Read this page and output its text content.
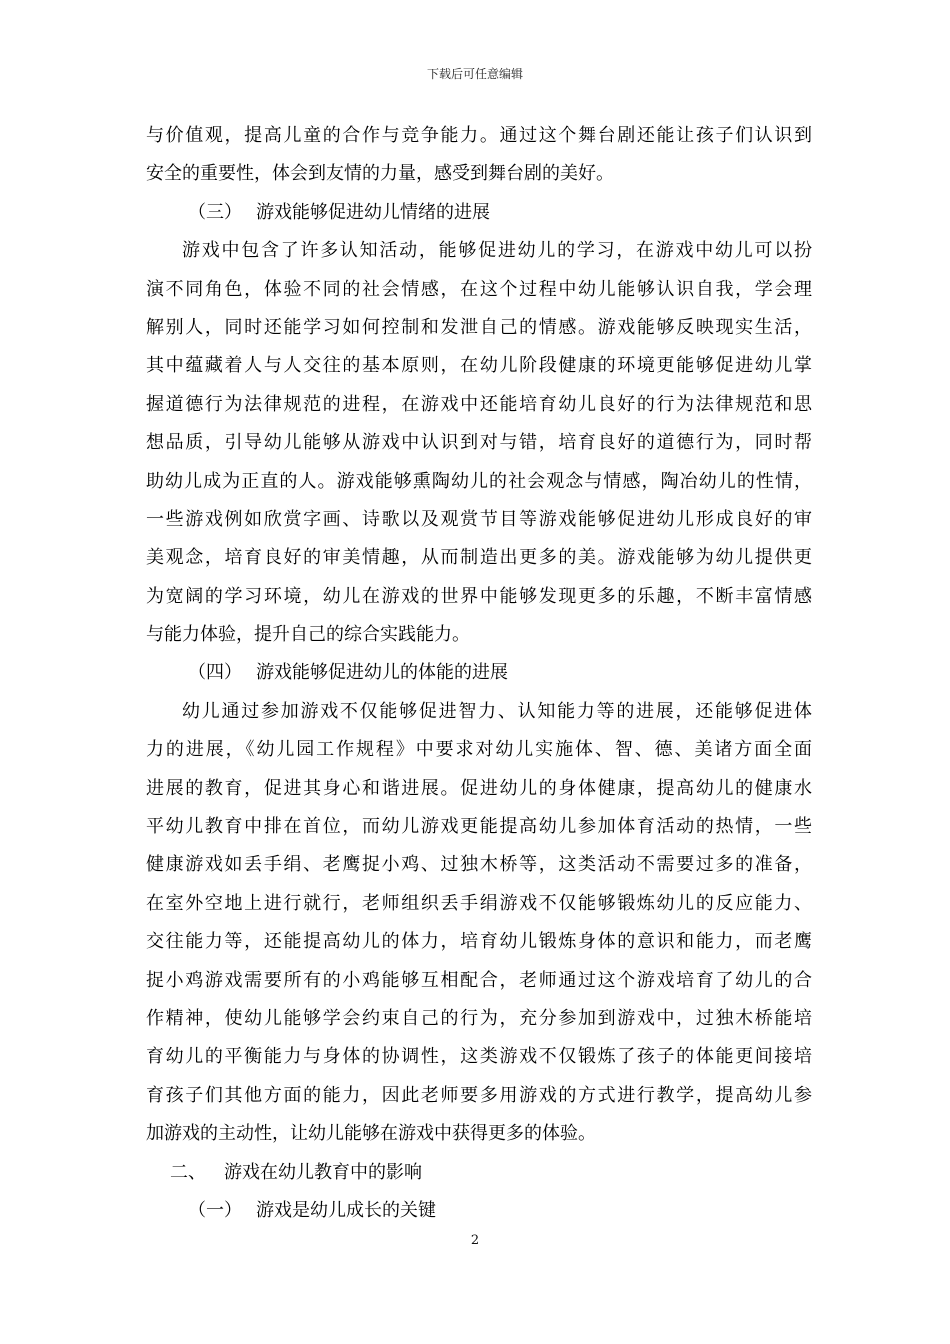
下载后可任意编辑
与价值观，提高儿童的合作与竞争能力。通过这个舞台剧还能让孩子们认识到
安全的重要性，体会到友情的力量，感受到舞台剧的美好。
（三） 游戏能够促进幼儿情绪的进展
游戏中包含了许多认知活动，能够促进幼儿的学习，在游戏中幼儿可以扮
演不同角色，体验不同的社会情感，在这个过程中幼儿能够认识自我，学会理
解别人，同时还能学习如何控制和发泄自己的情感。游戏能够反映现实生活，
其中蕴藏着人与人交往的基本原则，在幼儿阶段健康的环境更能够促进幼儿掌
握道德行为法律规范的进程，在游戏中还能培育幼儿良好的行为法律规范和思
想品质，引导幼儿能够从游戏中认识到对与错，培育良好的道德行为，同时帮
助幼儿成为正直的人。游戏能够熏陶幼儿的社会观念与情感，陶冶幼儿的性情，
一些游戏例如欣赏字画、诗歌以及观赏节目等游戏能够促进幼儿形成良好的审
美观念，培育良好的审美情趣，从而制造出更多的美。游戏能够为幼儿提供更
为宽阔的学习环境，幼儿在游戏的世界中能够发现更多的乐趣，不断丰富情感
与能力体验，提升自己的综合实践能力。
（四） 游戏能够促进幼儿的体能的进展
幼儿通过参加游戏不仅能够促进智力、认知能力等的进展，还能够促进体
力的进展，《幼儿园工作规程》中要求对幼儿实施体、智、德、美诸方面全面
进展的教育，促进其身心和谐进展。促进幼儿的身体健康，提高幼儿的健康水
平幼儿教育中排在首位，而幼儿游戏更能提高幼儿参加体育活动的热情，一些
健康游戏如丢手绢、老鹰捉小鸡、过独木桥等，这类活动不需要过多的准备，
在室外空地上进行就行，老师组织丢手绢游戏不仅能够锻炼幼儿的反应能力、
交往能力等，还能提高幼儿的体力，培育幼儿锻炼身体的意识和能力，而老鹰
捉小鸡游戏需要所有的小鸡能够互相配合，老师通过这个游戏培育了幼儿的合
作精神，使幼儿能够学会约束自己的行为，充分参加到游戏中，过独木桥能培
育幼儿的平衡能力与身体的协调性，这类游戏不仅锻炼了孩子的体能更间接培
育孩子们其他方面的能力，因此老师要多用游戏的方式进行教学，提高幼儿参
加游戏的主动性，让幼儿能够在游戏中获得更多的体验。
二、 游戏在幼儿教育中的影响
（一） 游戏是幼儿成长的关键
2
